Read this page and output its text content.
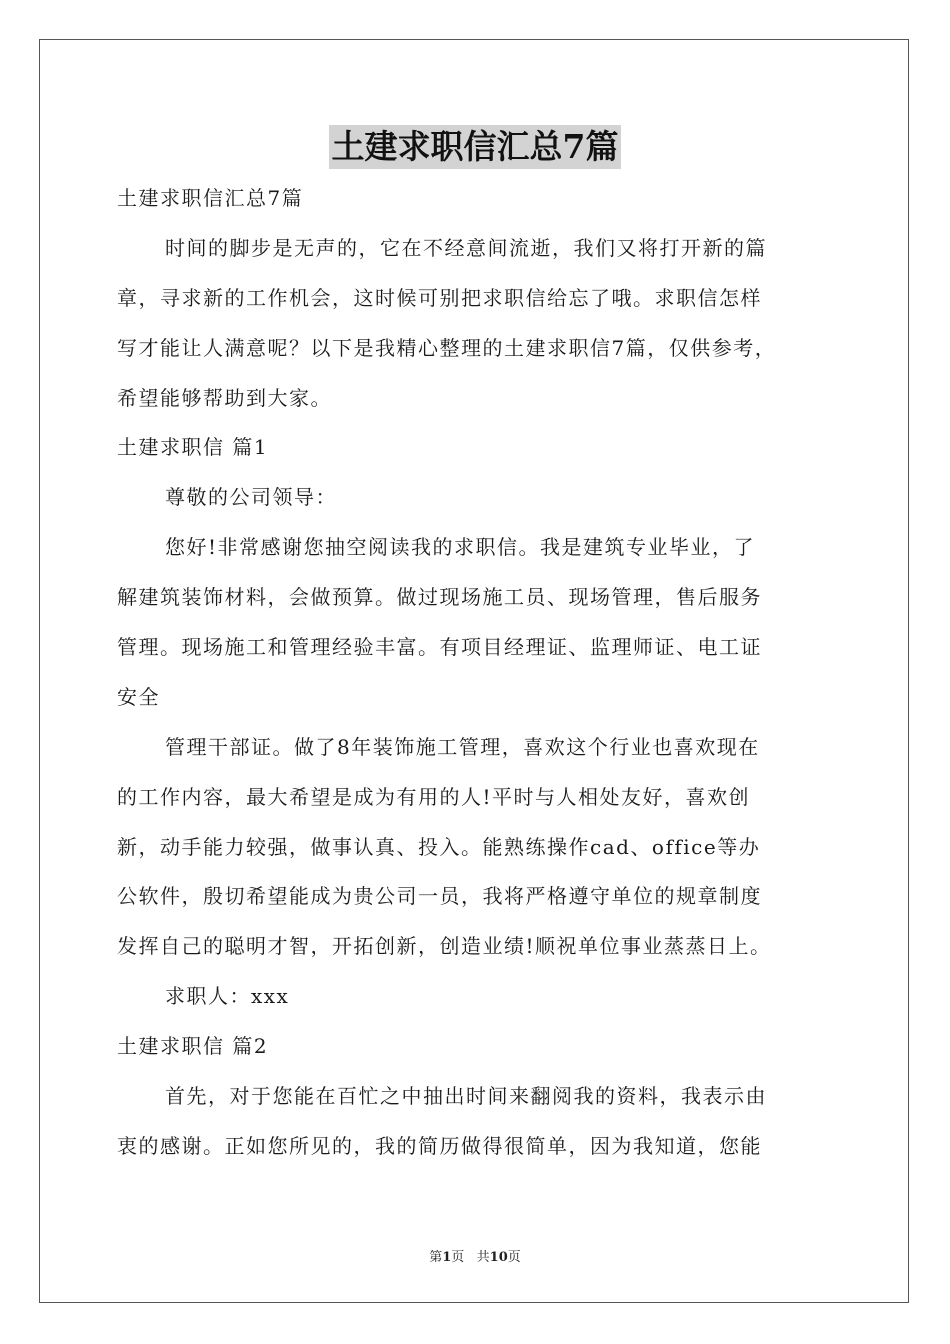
土建求职信汇总7篇
土建求职信汇总7篇
时间的脚步是无声的，它在不经意间流逝，我们又将打开新的篇
章，寻求新的工作机会，这时候可别把求职信给忘了哦。求职信怎样
写才能让人满意呢？以下是我精心整理的土建求职信7篇，仅供参考，
希望能够帮助到大家。
土建求职信 篇1
尊敬的公司领导：
您好!非常感谢您抽空阅读我的求职信。我是建筑专业毕业，了
解建筑装饰材料，会做预算。做过现场施工员、现场管理，售后服务
管理。现场施工和管理经验丰富。有项目经理证、监理师证、电工证
安全
管理干部证。做了8年装饰施工管理，喜欢这个行业也喜欢现在
的工作内容，最大希望是成为有用的人!平时与人相处友好，喜欢创
新，动手能力较强，做事认真、投入。能熟练操作cad、office等办
公软件，殷切希望能成为贵公司一员，我将严格遵守单位的规章制度
发挥自己的聪明才智，开拓创新，创造业绩!顺祝单位事业蒸蒸日上。
求职人：xxx
土建求职信 篇2
首先，对于您能在百忙之中抽出时间来翻阅我的资料，我表示由
衷的感谢。正如您所见的，我的简历做得很简单，因为我知道，您能
第1页   共10页
